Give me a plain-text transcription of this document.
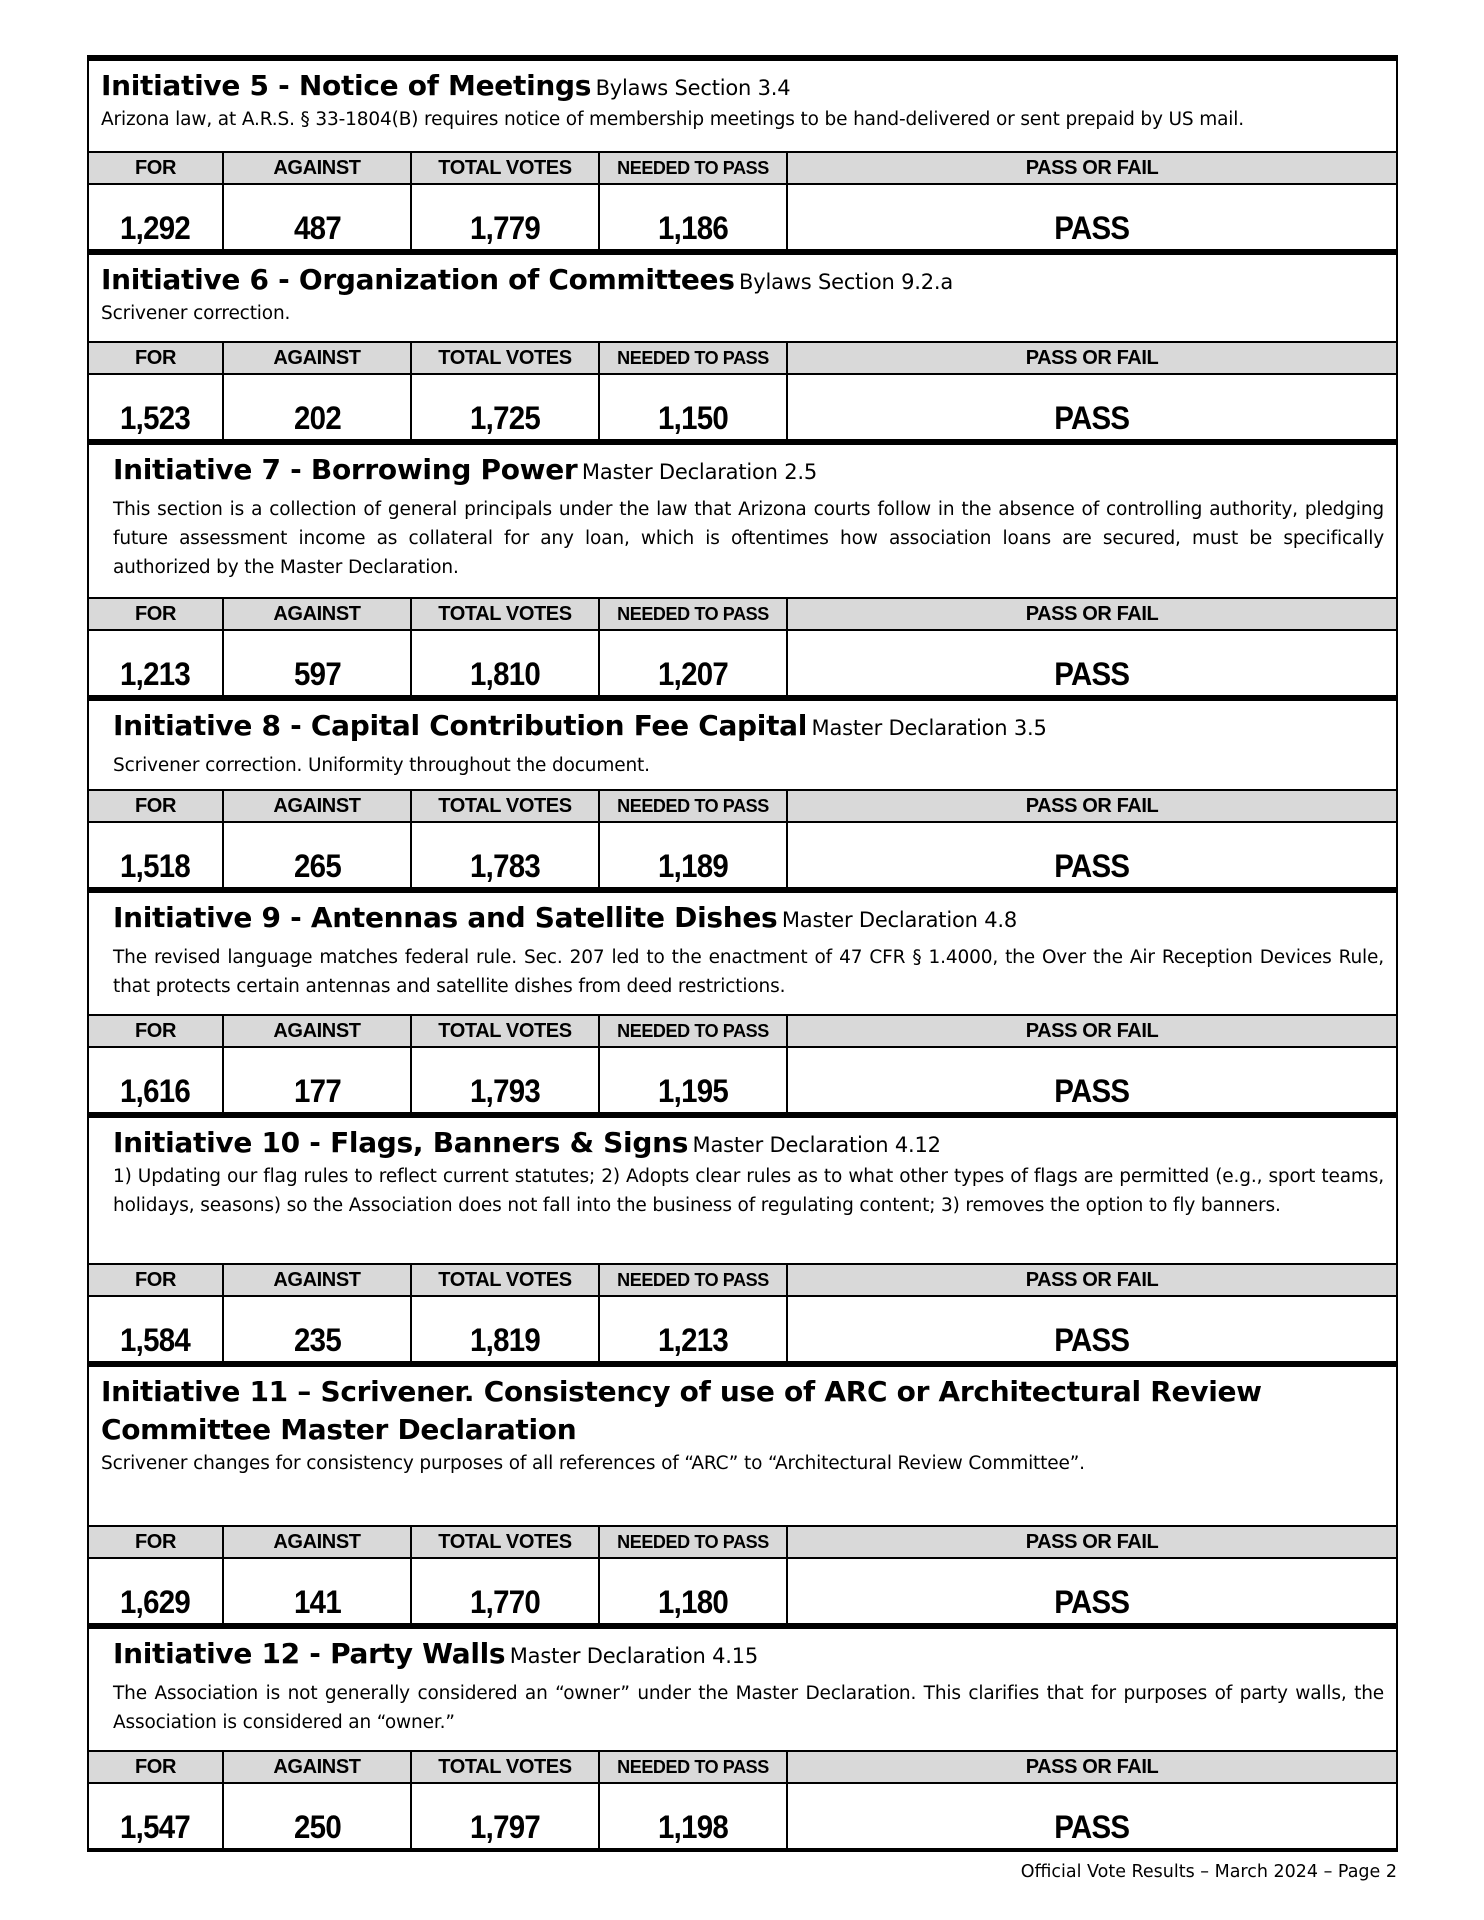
Initiative 5 - Notice of Meetings Bylaws Section 3.4
Arizona law, at A.R.S. § 33-1804(B) requires notice of membership meetings to be hand-delivered or sent prepaid by US mail.
FOR	AGAINST	TOTAL VOTES	NEEDED TO PASS	PASS OR FAIL
1,292	487	1,779	1,186	PASS
Initiative 6 - Organization of Committees Bylaws Section 9.2.a
Scrivener correction.
FOR	AGAINST	TOTAL VOTES	NEEDED TO PASS	PASS OR FAIL
1,523	202	1,725	1,150	PASS
Initiative 7 - Borrowing Power Master Declaration 2.5
This section is a collection of general principals under the law that Arizona courts follow in the absence of controlling authority, pledging future assessment income as collateral for any loan, which is oftentimes how association loans are secured, must be specifically authorized by the Master Declaration.
FOR	AGAINST	TOTAL VOTES	NEEDED TO PASS	PASS OR FAIL
1,213	597	1,810	1,207	PASS
Initiative 8 - Capital Contribution Fee Capital Master Declaration 3.5
Scrivener correction. Uniformity throughout the document.
FOR	AGAINST	TOTAL VOTES	NEEDED TO PASS	PASS OR FAIL
1,518	265	1,783	1,189	PASS
Initiative 9 - Antennas and Satellite Dishes Master Declaration 4.8
The revised language matches federal rule. Sec. 207 led to the enactment of 47 CFR § 1.4000, the Over the Air Reception Devices Rule, that protects certain antennas and satellite dishes from deed restrictions.
FOR	AGAINST	TOTAL VOTES	NEEDED TO PASS	PASS OR FAIL
1,616	177	1,793	1,195	PASS
Initiative 10 - Flags, Banners & Signs Master Declaration 4.12
1) Updating our flag rules to reflect current statutes; 2) Adopts clear rules as to what other types of flags are permitted (e.g., sport teams, holidays, seasons) so the Association does not fall into the business of regulating content; 3) removes the option to fly banners.
FOR	AGAINST	TOTAL VOTES	NEEDED TO PASS	PASS OR FAIL
1,584	235	1,819	1,213	PASS
Initiative 11 – Scrivener. Consistency of use of ARC or Architectural Review Committee Master Declaration
Scrivener changes for consistency purposes of all references of “ARC” to “Architectural Review Committee”.
FOR	AGAINST	TOTAL VOTES	NEEDED TO PASS	PASS OR FAIL
1,629	141	1,770	1,180	PASS
Initiative 12 - Party Walls Master Declaration 4.15
The Association is not generally considered an “owner” under the Master Declaration. This clarifies that for purposes of party walls, the Association is considered an “owner.”
FOR	AGAINST	TOTAL VOTES	NEEDED TO PASS	PASS OR FAIL
1,547	250	1,797	1,198	PASS
Official Vote Results – March 2024 – Page 2
